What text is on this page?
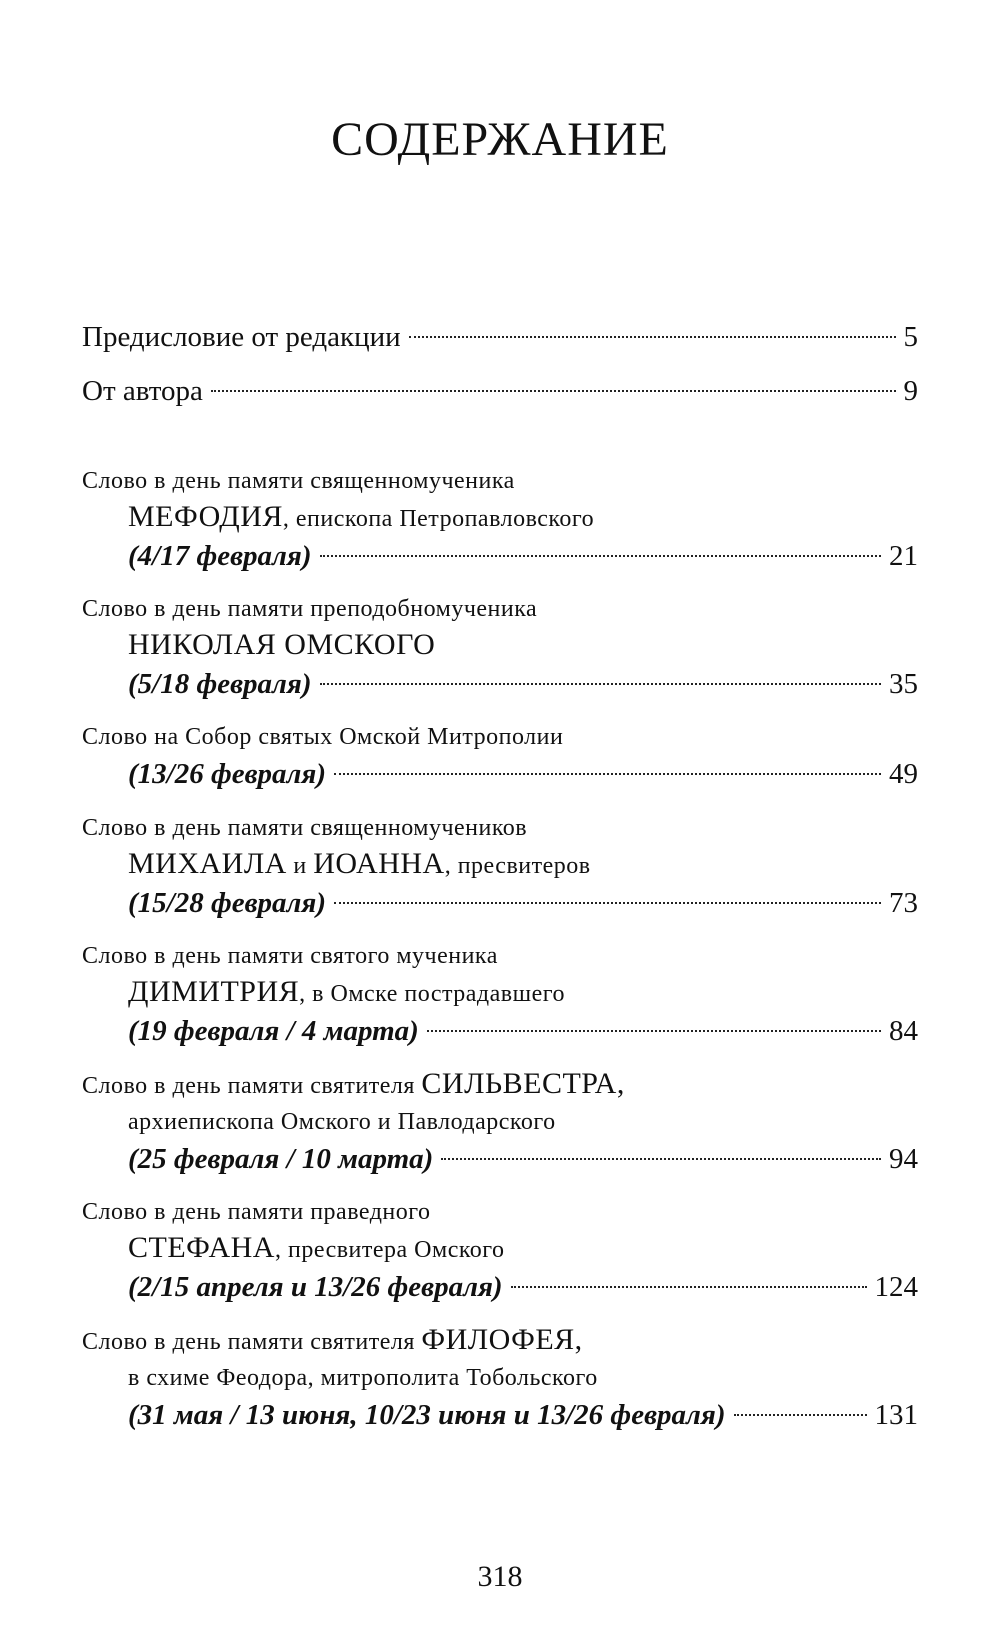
СОДЕРЖАНИЕ
Предисловие от редакции	5
От автора	9
Слово в день памяти священномученика
МЕФОДИЯ, епископа Петропавловского
(4/17 февраля)	21
Слово в день памяти преподобномученика
НИКОЛАЯ ОМСКОГО
(5/18 февраля)	35
Слово на Собор святых Омской Митрополии
(13/26 февраля)	49
Слово в день памяти священномучеников
МИХАИЛА и ИОАННА, пресвитеров
(15/28 февраля)	73
Слово в день памяти святого мученика
ДИМИТРИЯ, в Омске пострадавшего
(19 февраля / 4 марта)	84
Слово в день памяти святителя СИЛЬВЕСТРА,
архиепископа Омского и Павлодарского
(25 февраля / 10 марта)	94
Слово в день памяти праведного
СТЕФАНА, пресвитера Омского
(2/15 апреля и 13/26 февраля)	124
Слово в день памяти святителя ФИЛОФЕЯ,
в схиме Феодора, митрополита Тобольского
(31 мая / 13 июня, 10/23 июня и 13/26 февраля)	131
318
